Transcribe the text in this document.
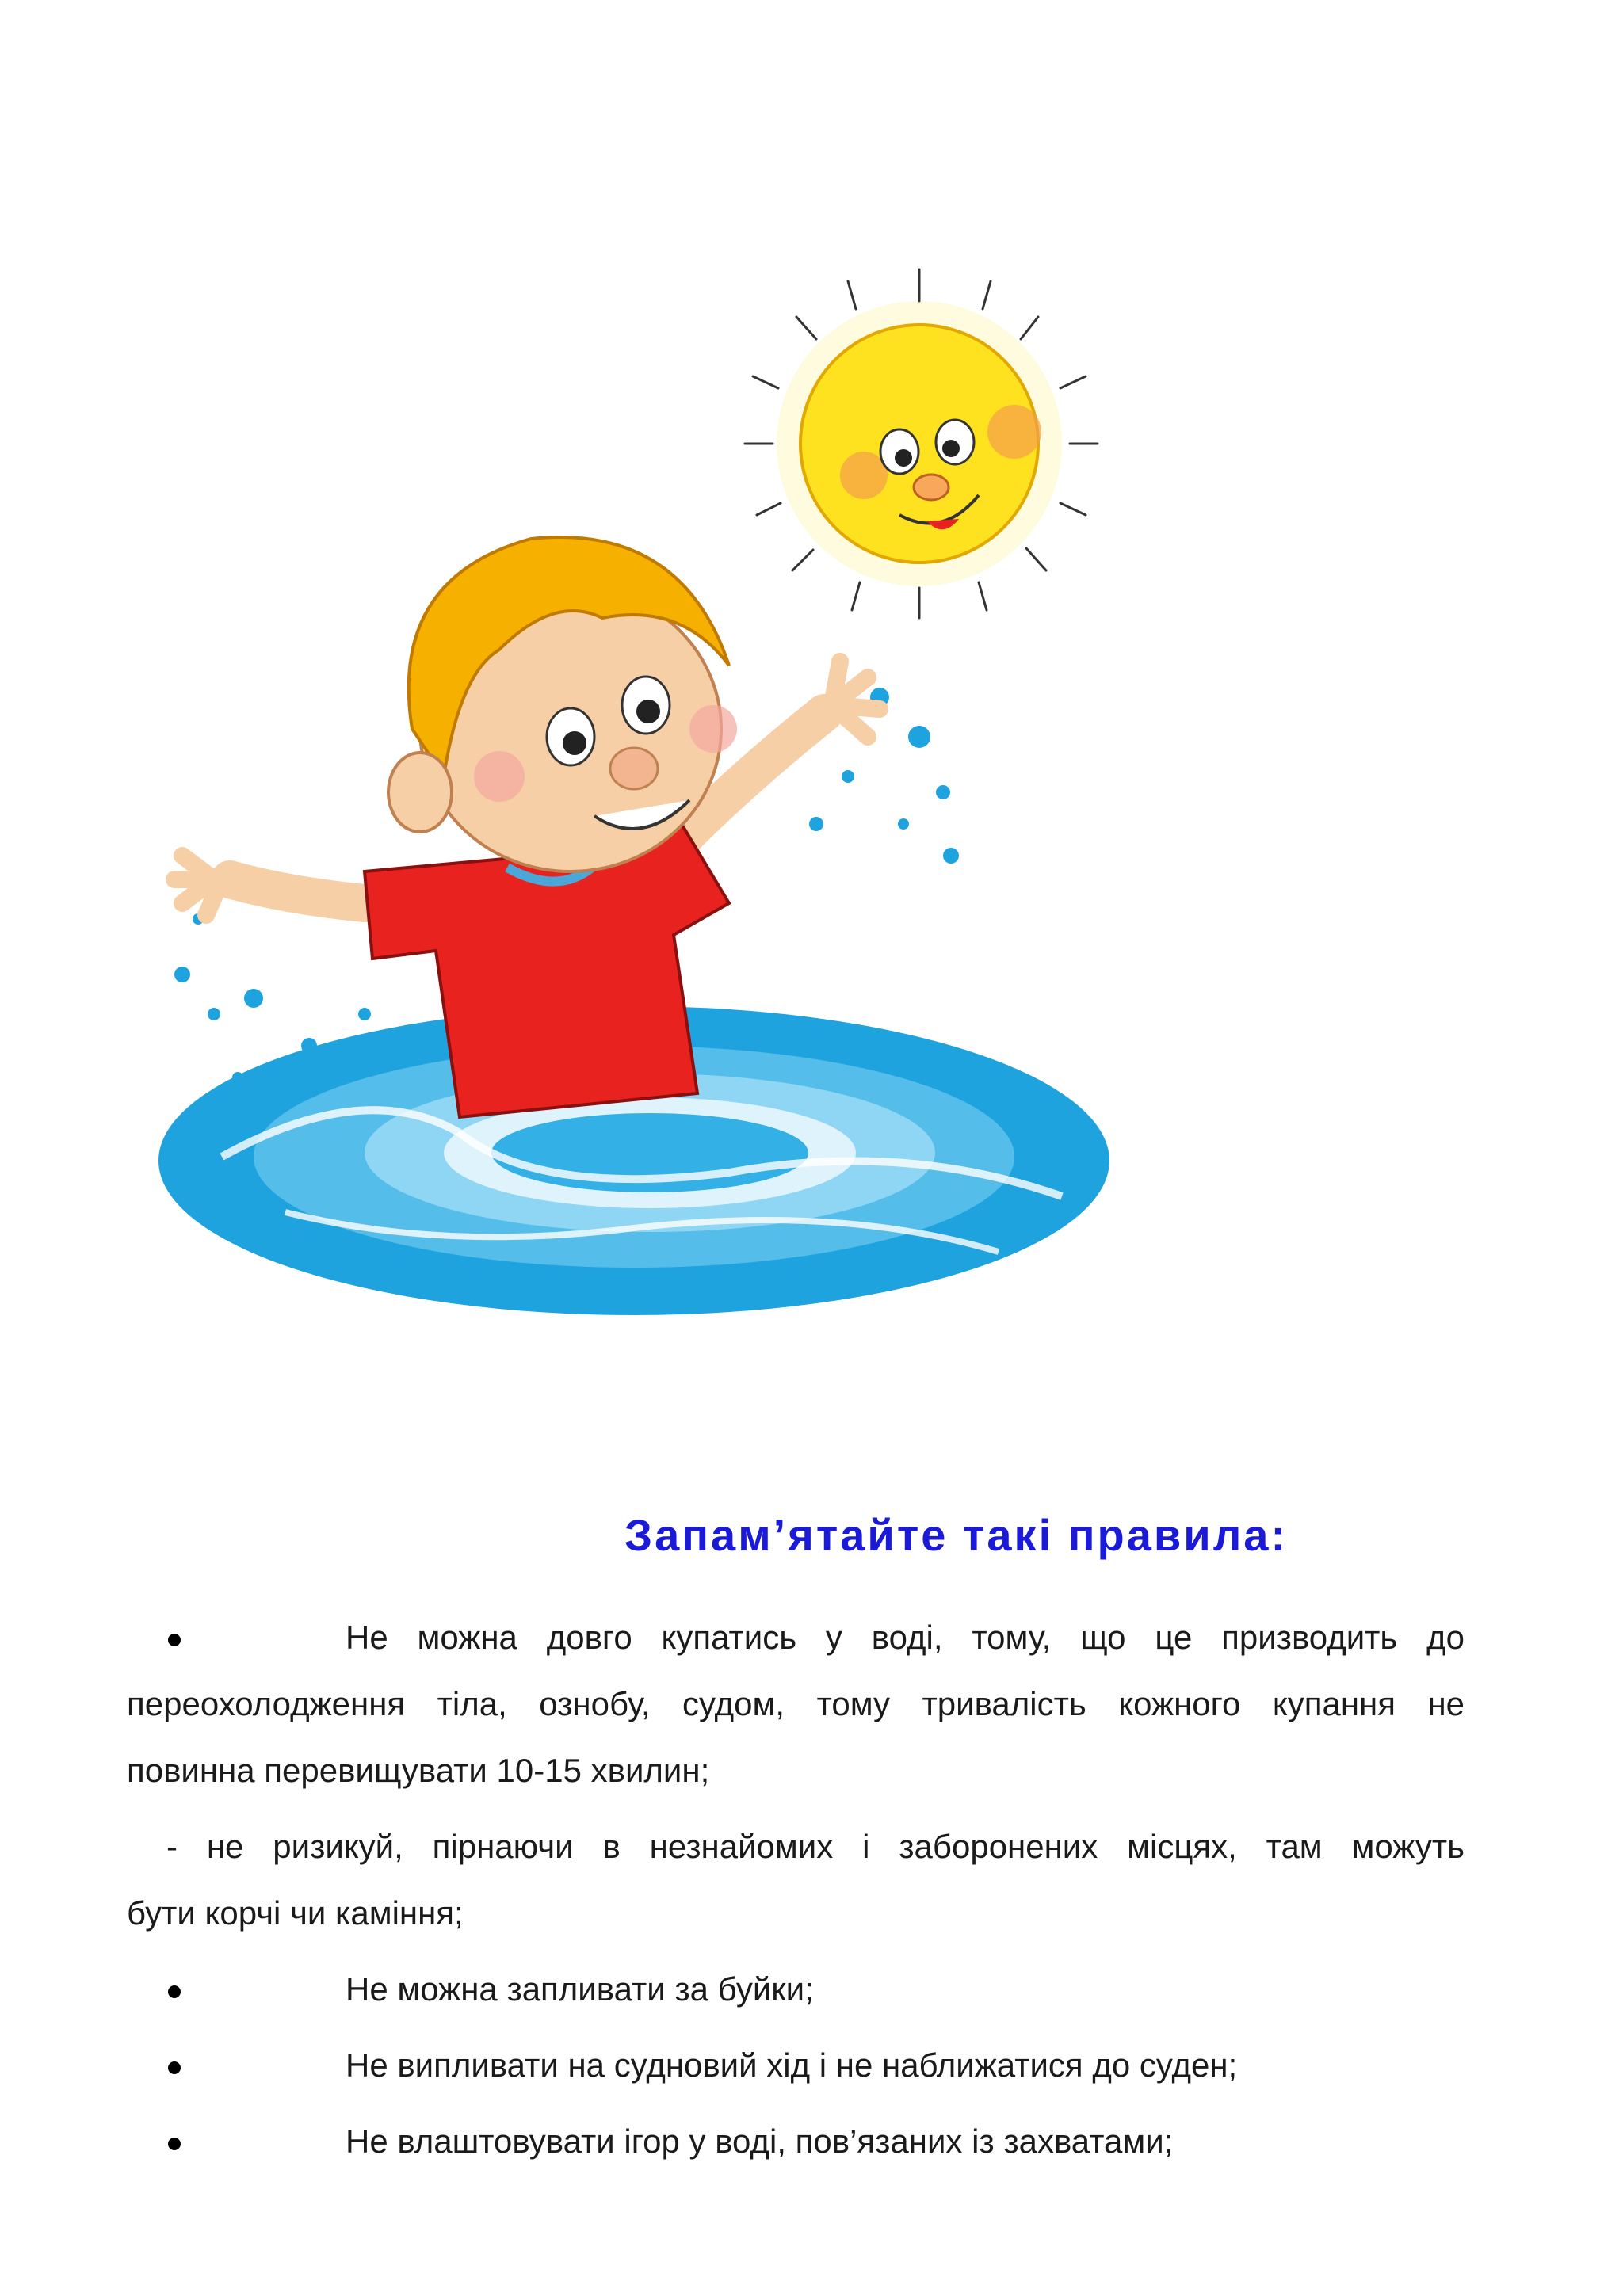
Запам’ятайте такі правила:
Не можна довго купатись у воді, тому, що це призводить до
переохолодження тіла, ознобу, судом, тому тривалість кожного купання не
повинна перевищувати 10-15 хвилин;
- не ризикуй, пірнаючи в незнайомих і заборонених місцях, там можуть
бути корчі чи каміння;
Не можна запливати за буйки;
Не випливати на судновий хід і не наближатися до суден;
Не влаштовувати ігор у воді, пов’язаних із захватами;
